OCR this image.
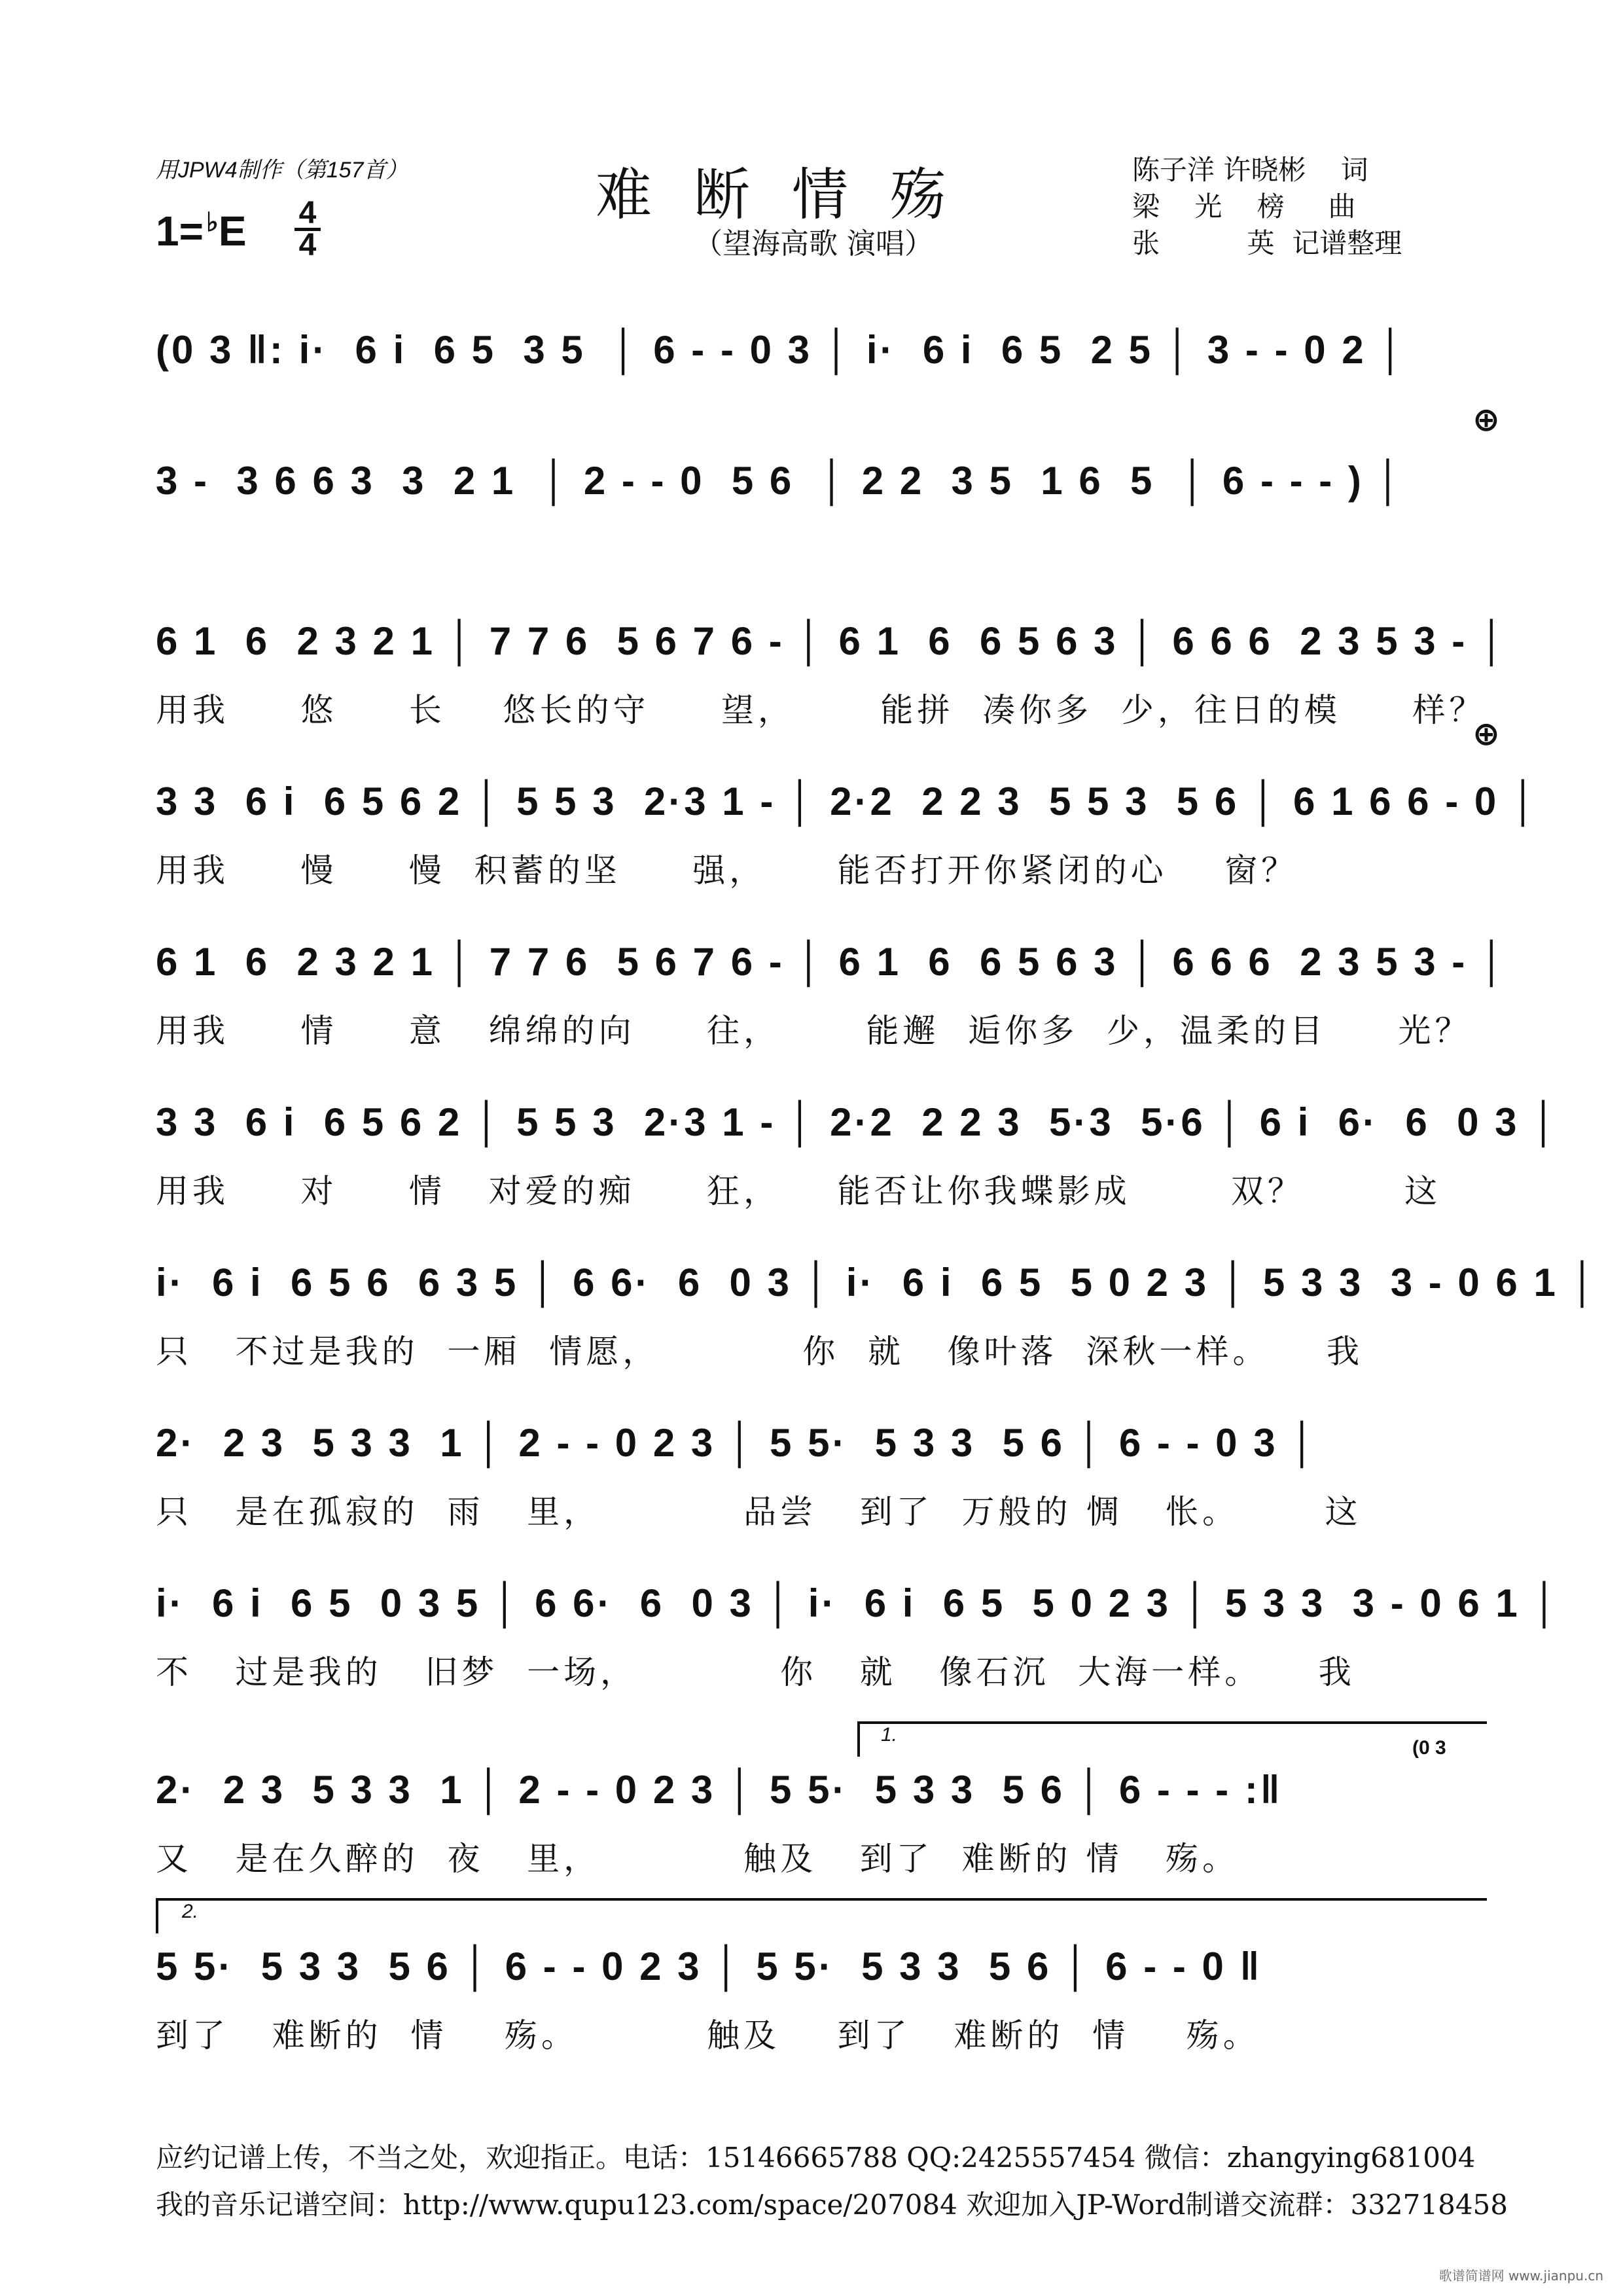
用JPW4制作（第157首）	难断情殇
（望海高歌 演唱）
陈子洋 许晓彬    词
梁    光    榜     曲
张          英  记谱整理
1= ♭E 4
4
(0 3 ‖: i·  6 i  6 5  3 5  │ 6 - - 0 3 │ i·  6 i  6 5  2 5 │ 3 - - 0 2 │
3 -  3 6 6 3  3  2 1  │ 2 - - 0  5 6  │ 2 2  3 5  1 6  5  │ 6 - - - ) │
⊕
6 1  6  2 3 2 1 │ 7 7 6  5 6 7 6 - │ 6 1  6  6 5 6 3 │ 6 6 6  2 3 5 3 - │
用我     悠     长    悠长的守     望，      能拼  凑你多  少，往日的模     样？
3 3  6 i  6 5 6 2 │ 5 5 3  2·3 1 - │ 2·2  2 2 3  5 5 3  5 6 │ 6 1 6 6 - 0 │
用我     慢     慢  积蓄的坚     强，     能否打开你紧闭的心    窗？
⊕
6 1  6  2 3 2 1 │ 7 7 6  5 6 7 6 - │ 6 1  6  6 5 6 3 │ 6 6 6  2 3 5 3 - │
用我     情     意   绵绵的向     往，      能邂  逅你多  少，温柔的目     光？
3 3  6 i  6 5 6 2 │ 5 5 3  2·3 1 - │ 2·2  2 2 3  5·3  5·6 │ 6 i  6·  6  0 3 │
用我     对     情   对爱的痴     狂，    能否让你我蝶影成       双？       这
i·  6 i  6 5 6  6 3 5 │ 6 6·  6  0 3 │ i·  6 i  6 5  5 0 2 3 │ 5 3 3  3 - 0 6 1 │
只   不过是我的  一厢  情愿，          你  就   像叶落  深秋一样。    我
2·  2 3  5 3 3  1 │ 2 - - 0 2 3 │ 5 5·  5 3 3  5 6 │ 6 - - 0 3 │
只   是在孤寂的  雨   里，          品尝   到了  万般的 惆   怅。      这
i·  6 i  6 5  0 3 5 │ 6 6·  6  0 3 │ i·  6 i  6 5  5 0 2 3 │ 5 3 3  3 - 0 6 1 │
不   过是我的   旧梦  一场，          你   就   像石沉  大海一样。    我
1.
(0 3
2·  2 3  5 3 3  1 │ 2 - - 0 2 3 │ 5 5·  5 3 3  5 6 │ 6 - - - :‖
又   是在久醉的  夜   里，          触及   到了  难断的 情   殇。
2.
5 5·  5 3 3  5 6 │ 6 - - 0 2 3 │ 5 5·  5 3 3  5 6 │ 6 - - 0 ‖
到了   难断的  情    殇。         触及    到了   难断的  情    殇。
应约记谱上传，不当之处，欢迎指正。电话：15146665788 QQ:2425557454 微信：zhangying681004
我的音乐记谱空间：http://www.qupu123.com/space/207084 欢迎加入JP-Word制谱交流群：332718458
歌谱简谱网 www.jianpu.cn
